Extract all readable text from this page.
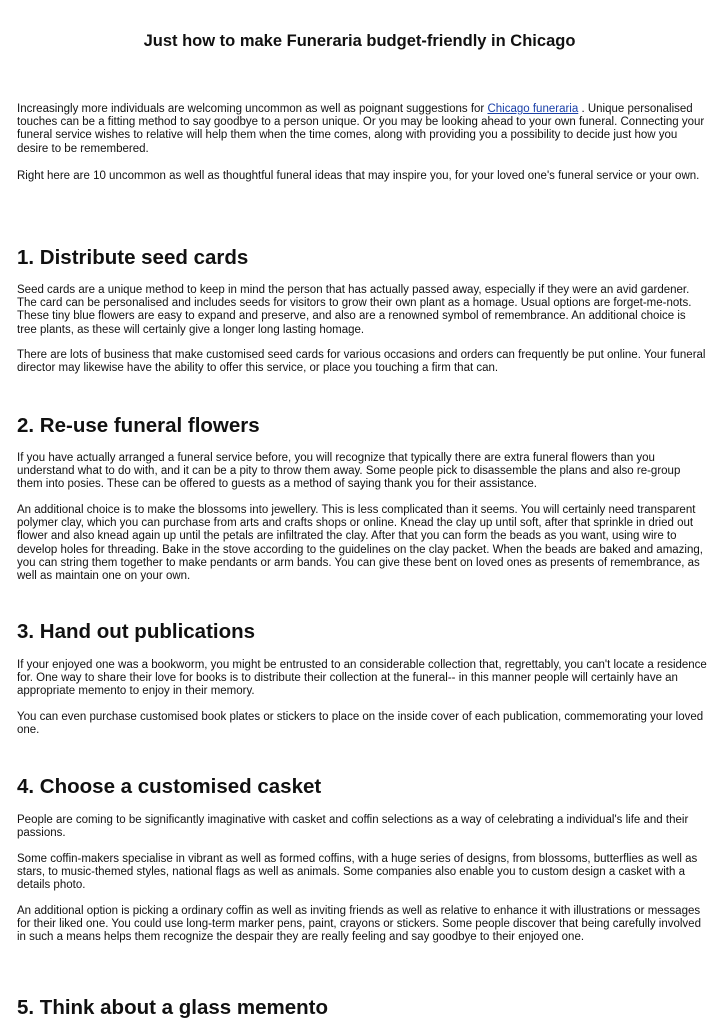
Just how to make Funeraria budget-friendly in Chicago

Increasingly more individuals are welcoming uncommon as well as poignant suggestions for Chicago funeraria . Unique personalised touches can be a fitting method to say goodbye to a person unique. Or you may be looking ahead to your own funeral. Connecting your funeral service wishes to relative will help them when the time comes, along with providing you a possibility to decide just how you desire to be remembered.

Right here are 10 uncommon as well as thoughtful funeral ideas that may inspire you, for your loved one's funeral service or your own.

1. Distribute seed cards

Seed cards are a unique method to keep in mind the person that has actually passed away, especially if they were an avid gardener. The card can be personalised and includes seeds for visitors to grow their own plant as a homage. Usual options are forget-me-nots. These tiny blue flowers are easy to expand and preserve, and also are a renowned symbol of remembrance. An additional choice is tree plants, as these will certainly give a longer long lasting homage.

There are lots of business that make customised seed cards for various occasions and orders can frequently be put online. Your funeral director may likewise have the ability to offer this service, or place you touching a firm that can.

2. Re-use funeral flowers

If you have actually arranged a funeral service before, you will recognize that typically there are extra funeral flowers than you understand what to do with, and it can be a pity to throw them away. Some people pick to disassemble the plans and also re-group them into posies. These can be offered to guests as a method of saying thank you for their assistance.

An additional choice is to make the blossoms into jewellery. This is less complicated than it seems. You will certainly need transparent polymer clay, which you can purchase from arts and crafts shops or online. Knead the clay up until soft, after that sprinkle in dried out flower and also knead again up until the petals are infiltrated the clay. After that you can form the beads as you want, using wire to develop holes for threading. Bake in the stove according to the guidelines on the clay packet. When the beads are baked and amazing, you can string them together to make pendants or arm bands. You can give these bent on loved ones as presents of remembrance, as well as maintain one on your own.

3. Hand out publications

If your enjoyed one was a bookworm, you might be entrusted to an considerable collection that, regrettably, you can't locate a residence for. One way to share their love for books is to distribute their collection at the funeral-- in this manner people will certainly have an appropriate memento to enjoy in their memory.

You can even purchase customised book plates or stickers to place on the inside cover of each publication, commemorating your loved one.

4. Choose a customised casket

People are coming to be significantly imaginative with casket and coffin selections as a way of celebrating a individual's life and their passions.

Some coffin-makers specialise in vibrant as well as formed coffins, with a huge series of designs, from blossoms, butterflies as well as stars, to music-themed styles, national flags as well as animals. Some companies also enable you to custom design a casket with a details photo.

An additional option is picking a ordinary coffin as well as inviting friends as well as relative to enhance it with illustrations or messages for their liked one. You could use long-term marker pens, paint, crayons or stickers. Some people discover that being carefully involved in such a means helps them recognize the despair they are really feeling and say goodbye to their enjoyed one.

5. Think about a glass memento
